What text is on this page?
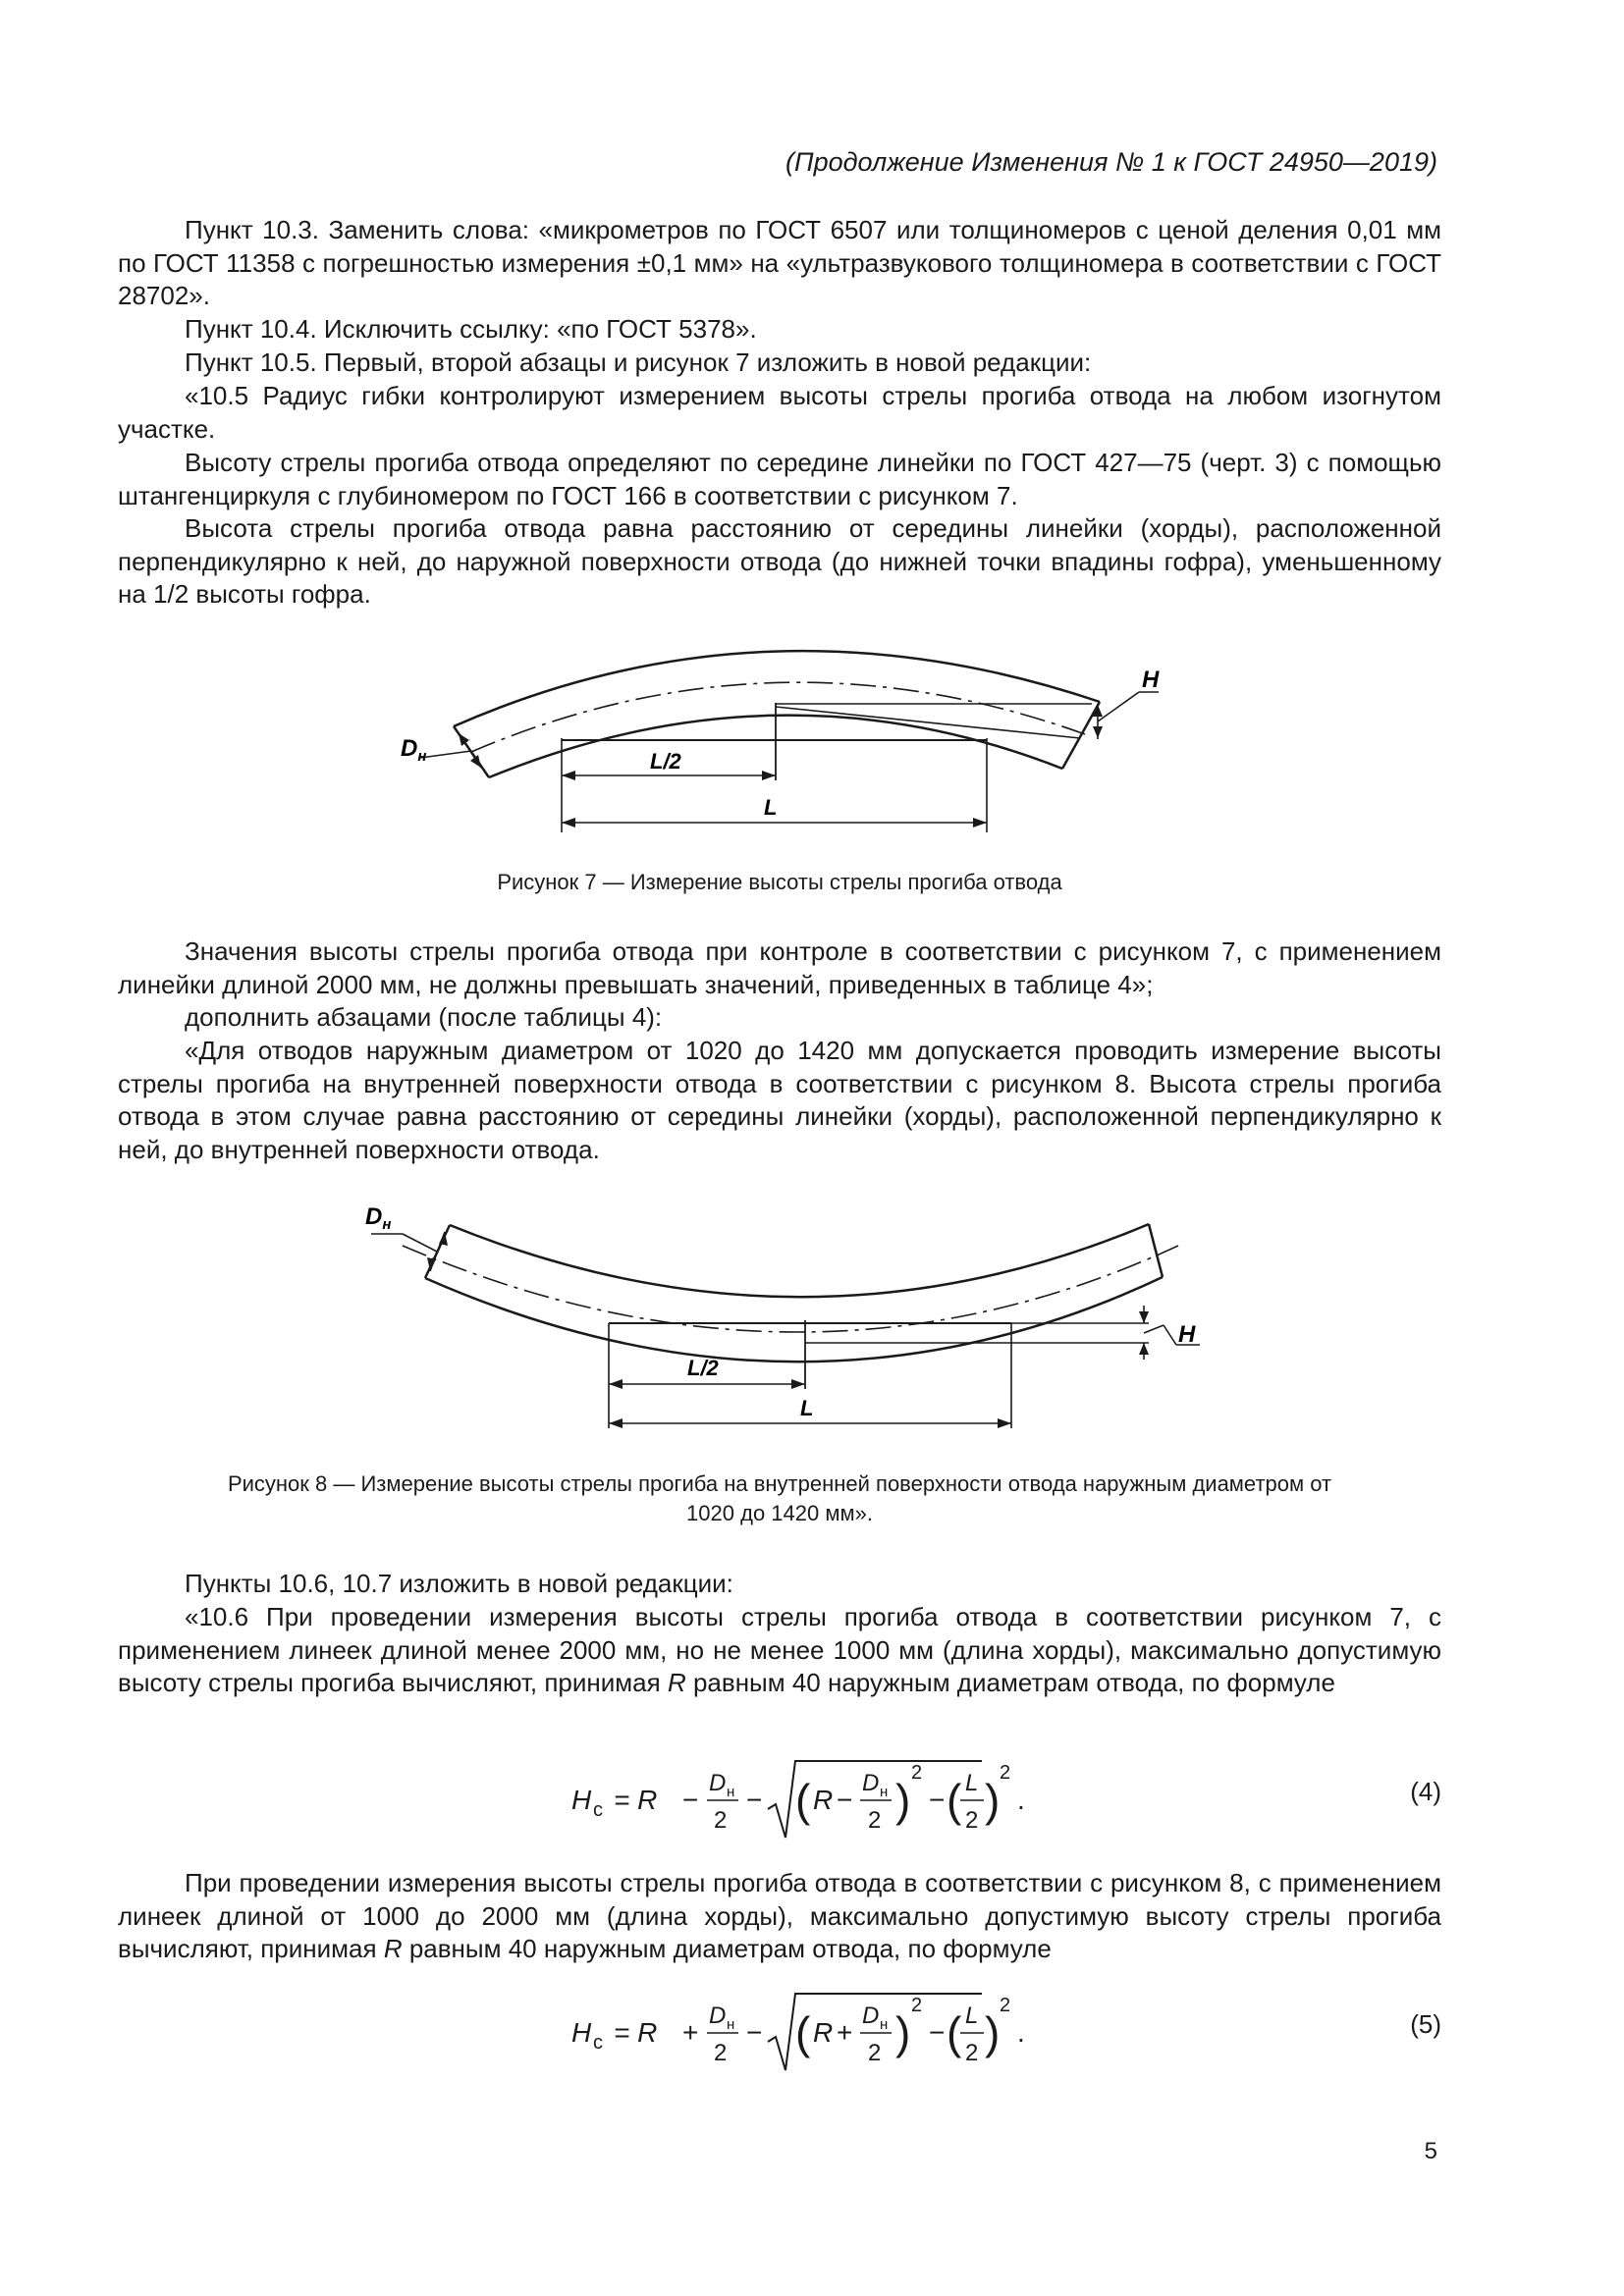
(Продолжение Изменения № 1 к ГОСТ 24950—2019)

Пункт 10.3. Заменить слова: «микрометров по ГОСТ 6507 или толщиномеров с ценой деления 0,01 мм по ГОСТ 11358 с погрешностью измерения ±0,1 мм» на «ультразвукового толщиномера в соответствии с ГОСТ 28702».

Пункт 10.4. Исключить ссылку: «по ГОСТ 5378».

Пункт 10.5. Первый, второй абзацы и рисунок 7 изложить в новой редакции:

«10.5 Радиус гибки контролируют измерением высоты стрелы прогиба отвода на любом изогнутом участке.

Высоту стрелы прогиба отвода определяют по середине линейки по ГОСТ 427—75 (черт. 3) с помощью штангенциркуля с глубиномером по ГОСТ 166 в соответствии с рисунком 7.

Высота стрелы прогиба отвода равна расстоянию от середины линейки (хорды), расположенной перпендикулярно к ней, до наружной поверхности отвода (до нижней точки впадины гофра), уменьшенному на 1/2 высоты гофра.

$D_н$
H
L/2
L
Рисунок 7 — Измерение высоты стрелы прогиба отвода

Значения высоты стрелы прогиба отвода при контроле в соответствии с рисунком 7, с применением линейки длиной 2000 мм, не должны превышать значений, приведенных в таблице 4»;

дополнить абзацами (после таблицы 4):

«Для отводов наружным диаметром от 1020 до 1420 мм допускается проводить измерение высоты стрелы прогиба на внутренней поверхности отвода в соответствии с рисунком 8. Высота стрелы прогиба отвода в этом случае равна расстоянию от середины линейки (хорды), расположенной перпендикулярно к ней, до внутренней поверхности отвода.

$D_н$
H
L/2
L
Рисунок 8 — Измерение высоты стрелы прогиба на внутренней поверхности отвода наружным диаметром от
1020 до 1420 мм».

Пункты 10.6, 10.7 изложить в новой редакции:

«10.6 При проведении измерения высоты стрелы прогиба отвода в соответствии рисунком 7, с применением линеек длиной менее 2000 мм, но не менее 1000 мм (длина хорды), максимально допустимую высоту стрелы прогиба вычисляют, принимая R равным 40 наружным диаметрам отвода, по формуле

H с = R −
D н
2
− ( R −
D н
2 )
2
− ( L
2 )
2
.	(4)

При проведении измерения высоты стрелы прогиба отвода в соответствии с рисунком 8, с применением линеек длиной от 1000 до 2000 мм (длина хорды), максимально допустимую высоту стрелы прогиба вычисляют, принимая R равным 40 наружным диаметрам отвода, по формуле

H с = R +
D н
2
− ( R +
D н
2 )
2
− ( L
2 )
2
.	(5)
5
